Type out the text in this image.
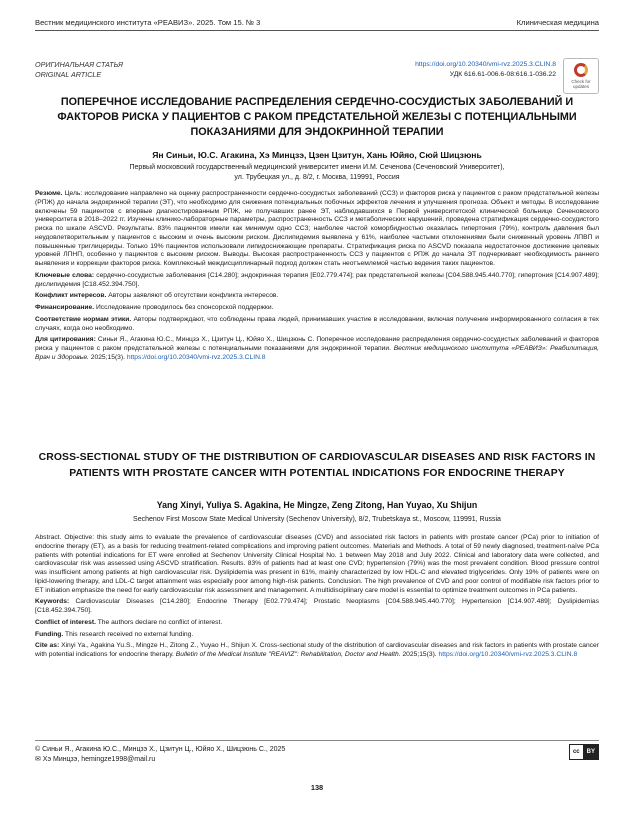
Вестник медицинского института «РЕАВИЗ». 2025. Том 15. № 3	Клиническая медицина
ОРИГИНАЛЬНАЯ СТАТЬЯ
ORIGINAL ARTICLE
https://doi.org/10.20340/vmi-rvz.2025.3.CLIN.8
УДК 616.61-006.6-08:616.1-036.22
Check for
updates
ПОПЕРЕЧНОЕ ИССЛЕДОВАНИЕ РАСПРЕДЕЛЕНИЯ СЕРДЕЧНО-СОСУДИСТЫХ ЗАБОЛЕВАНИЙ И ФАКТОРОВ РИСКА У ПАЦИЕНТОВ С РАКОМ ПРЕДСТАТЕЛЬНОЙ ЖЕЛЕЗЫ С ПОТЕНЦИАЛЬНЫМИ ПОКАЗАНИЯМИ ДЛЯ ЭНДОКРИННОЙ ТЕРАПИИ
Ян Синьи, Ю.С. Агакина, Хэ Минцзэ, Цзен Цзитун, Хань Юйяо, Сюй Шицзюнь
Первый московский государственный медицинский университет имени И.М. Сеченова (Сеченовский Университет),
ул. Трубецкая ул., д. 8/2, г. Москва, 119991, Россия

Резюме. Цель: исследование направлено на оценку распространенности сердечно-сосудистых заболеваний (ССЗ) и факторов риска у пациентов с раком предстательной железы (РПЖ) до начала эндокринной терапии (ЭТ), что необходимо для снижения потенциальных побочных эффектов лечения и улучшения прогноза. Объект и методы. В исследование включены 59 пациентов с впервые диагностированным РПЖ, не получавших ранее ЭТ, наблюдавшихся в Первой университетской клинической больнице Сеченовского университета в 2018–2022 гг. Изучены клинико-лабораторные параметры, распространенность ССЗ и метаболических нарушений, проведена стратификация сердечно-сосудистого риска по шкале ASCVD. Результаты. 83% пациентов имели как минимум одно ССЗ; наиболее частой коморбидностью оказалась гипертония (79%), контроль давления был неудовлетворительным у пациентов с высоким и очень высоким риском. Дислипидемия выявлена у 61%, наиболее частыми отклонениями были сниженный уровень ЛПВП и повышенные триглицериды. Только 19% пациентов использовали липидоснижающие препараты. Стратификация риска по ASCVD показала недостаточное достижение целевых уровней ЛПНП, особенно у пациентов с высоким риском. Выводы. Высокая распространенность ССЗ у пациентов с РПЖ до начала ЭТ подчеркивает необходимость раннего выявления и коррекции факторов риска. Комплексный междисциплинарный подход должен стать неотъемлемой частью ведения таких пациентов.

Ключевые слова: сердечно-сосудистые заболевания [C14.280]; эндокринная терапия [E02.779.474]; рак предстательной железы [C04.588.945.440.770]; гипертония [C14.907.489]; дислипидемия [C18.452.394.750].

Конфликт интересов. Авторы заявляют об отсутствии конфликта интересов.

Финансирование. Исследование проводилось без спонсорской поддержки.

Соответствие нормам этики. Авторы подтверждают, что соблюдены права людей, принимавших участие в исследовании, включая получение информированного согласия в тех случаях, когда оно необходимо.

Для цитирования: Синьи Я., Агакина Ю.С., Минцзэ Х., Цзитун Ц., Юйяо Х., Шицзюнь С. Поперечное исследование распределения сердечно-сосудистых заболеваний и факторов риска у пациентов с раком предстательной железы с потенциальными показаниями для эндокринной терапии. Вестник медицинского института «РЕАВИЗ»: Реабилитация, Врач и Здоровье. 2025;15(3). https://doi.org/10.20340/vmi-rvz.2025.3.CLIN.8

CROSS-SECTIONAL STUDY OF THE DISTRIBUTION OF CARDIOVASCULAR DISEASES AND RISK FACTORS IN PATIENTS WITH PROSTATE CANCER WITH POTENTIAL INDICATIONS FOR ENDOCRINE THERAPY
Yang Xinyi, Yuliya S. Agakina, He Mingze, Zeng Zitong, Han Yuyao, Xu Shijun
Sechenov First Moscow State Medical University (Sechenov University), 8/2, Trubetskaya st., Moscow, 119991, Russia

Abstract. Objective: this study aims to evaluate the prevalence of cardiovascular diseases (CVD) and associated risk factors in patients with prostate cancer (PCa) prior to initiation of endocrine therapy (ET), as a basis for reducing treatment-related complications and improving patient outcomes. Materials and Methods. A total of 59 newly diagnosed, treatment-naïve PCa patients with potential indications for ET were enrolled at Sechenov University Clinical Hospital No. 1 between May 2018 and July 2022. Clinical and laboratory data were collected, and cardiovascular risk was assessed using ASCVD stratification. Results. 83% of patients had at least one CVD; hypertension (79%) was the most prevalent condition. Blood pressure control was insufficient among patients at high cardiovascular risk. Dyslipidemia was present in 61%, mainly characterized by low HDL-C and elevated triglycerides. Only 19% of patients were on lipid-lowering therapy, and LDL-C target attainment was especially poor among high-risk patients. Conclusion. The high prevalence of CVD and poor control of modifiable risk factors prior to ET initiation emphasize the need for early cardiovascular risk assessment and management. A multidisciplinary care model is essential to optimize treatment outcomes in PCa patients.

Keywords: Cardiovascular Diseases [C14.280]; Endocrine Therapy [E02.779.474]; Prostatic Neoplasms [C04.588.945.440.770]; Hypertension [C14.907.489]; Dyslipidemias [C18.452.394.750].

Conflict of interest. The authors declare no conflict of interest.

Funding. This research received no external funding.

Cite as: Xinyi Ya., Agakina Yu.S., Mingze H., Zitong Z., Yuyao H., Shijun X. Cross-sectional study of the distribution of cardiovascular diseases and risk factors in patients with prostate cancer with potential indications for endocrine therapy. Bulletin of the Medical Institute "REAVIZ": Rehabilitation, Doctor and Health. 2025;15(3). https://doi.org/10.20340/vmi-rvz.2025.3.CLIN.8

© Синьи Я., Агакина Ю.С., Минцзэ Х., Цзитун Ц., Юйяо Х., Шицзюнь С., 2025
✉ Хэ Минцзэ, hemingze1998@mail.ru
cc	BY
138
